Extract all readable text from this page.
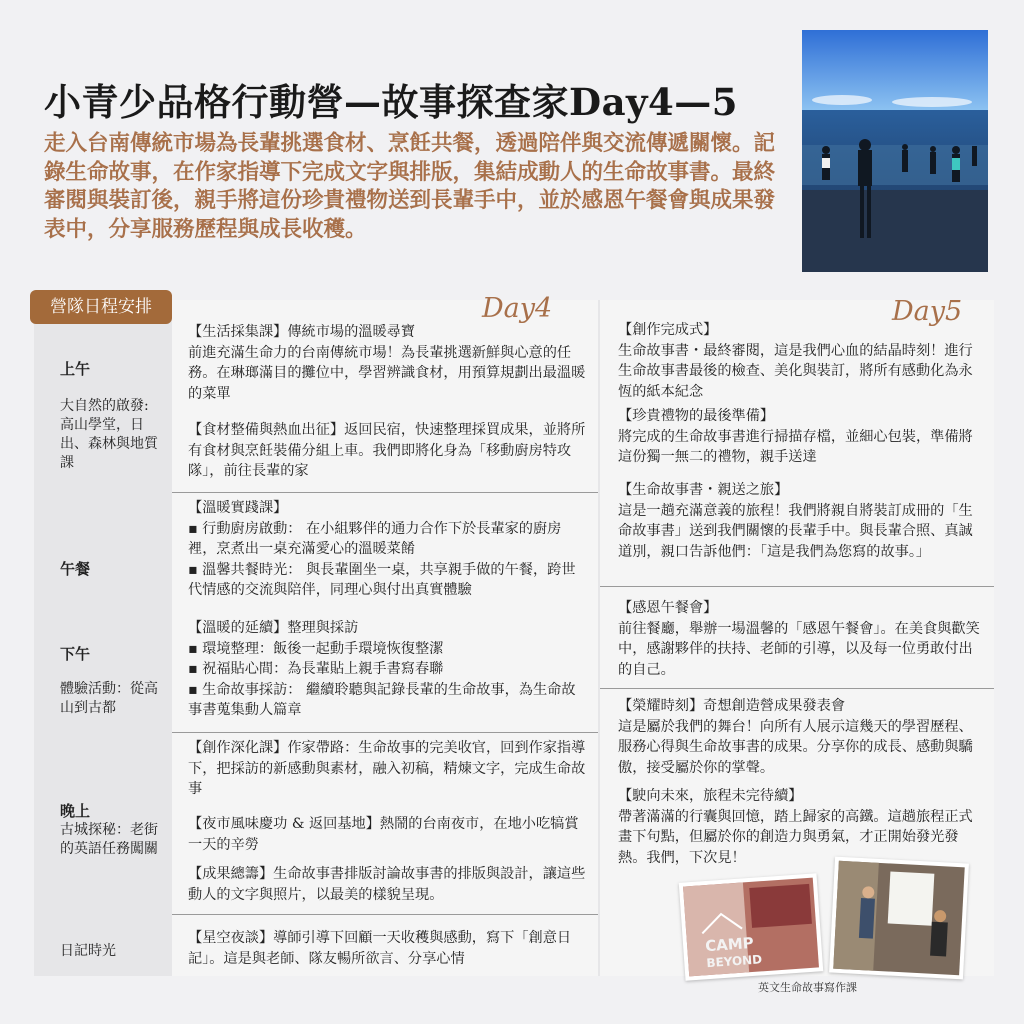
小青少品格行動營—故事探查家Day4—5
走入台南傳統市場為長輩挑選食材、烹飪共餐，透過陪伴與交流傳遞關懷。記錄生命故事，在作家指導下完成文字與排版，集結成動人的生命故事書。最終審閱與裝訂後，親手將這份珍貴禮物送到長輩手中，並於感恩午餐會與成果發表中，分享服務歷程與成長收穫。
營隊日程安排
上午
大自然的啟發:高山學堂，日出、森林與地質課
午餐
下午
體驗活動：從高山到古都
晚上
古城探秘：老街的英語任務闖關
日記時光
Day4	Day5
【生活採集課】傳統市場的溫暖尋寶
前進充滿生命力的台南傳統市場！為長輩挑選新鮮與心意的任務。在琳瑯滿目的攤位中，學習辨識食材，用預算規劃出最溫暖的菜單
【食材整備與熱血出征】返回民宿，快速整理採買成果，並將所有食材與烹飪裝備分組上車。我們即將化身為「移動廚房特攻隊」，前往長輩的家
【溫暖實踐課】
▪ 行動廚房啟動： 在小組夥伴的通力合作下於長輩家的廚房裡，烹煮出一桌充滿愛心的溫暖菜餚
▪ 溫馨共餐時光： 與長輩圍坐一桌，共享親手做的午餐，跨世代情感的交流與陪伴，同理心與付出真實體驗
【溫暖的延續】整理與採訪
▪ 環境整理：飯後一起動手環境恢復整潔
▪ 祝福貼心間：為長輩貼上親手書寫春聯
▪ 生命故事採訪： 繼續聆聽與記錄長輩的生命故事，為生命故事書蒐集動人篇章
【創作深化課】作家帶路：生命故事的完美收官，回到作家指導下，把採訪的新感動與素材，融入初稿，精煉文字，完成生命故事
【夜市風味慶功 & 返回基地】熱鬧的台南夜市，在地小吃犒賞一天的辛勞
【成果總籌】生命故事書排版討論故事書的排版與設計，讓這些動人的文字與照片，以最美的樣貌呈現。
【星空夜談】導師引導下回顧一天收穫與感動，寫下「創意日記」。這是與老師、隊友暢所欲言、分享心情
【創作完成式】
生命故事書・最終審閱，這是我們心血的結晶時刻！進行生命故事書最後的檢查、美化與裝訂，將所有感動化為永恆的紙本紀念
【珍貴禮物的最後準備】
將完成的生命故事書進行掃描存檔，並細心包裝，準備將這份獨一無二的禮物，親手送達
【生命故事書・親送之旅】
這是一趟充滿意義的旅程！我們將親自將裝訂成冊的「生命故事書」送到我們關懷的長輩手中。與長輩合照、真誠道別，親口告訴他們：「這是我們為您寫的故事。」
【感恩午餐會】
前往餐廳，舉辦一場溫馨的「感恩午餐會」。在美食與歡笑中，感謝夥伴的扶持、老師的引導，以及每一位勇敢付出的自己。
【榮耀時刻】奇想創造營成果發表會
這是屬於我們的舞台！向所有人展示這幾天的學習歷程、服務心得與生命故事書的成果。分享你的成長、感動與驕傲，接受屬於你的掌聲。
【駛向未來，旅程未完待續】
帶著滿滿的行囊與回憶，踏上歸家的高鐵。這趟旅程正式畫下句點，但屬於你的創造力與勇氣，才正開始發光發熱。我們，下次見！
CAMP
BEYOND
英文生命故事寫作課
